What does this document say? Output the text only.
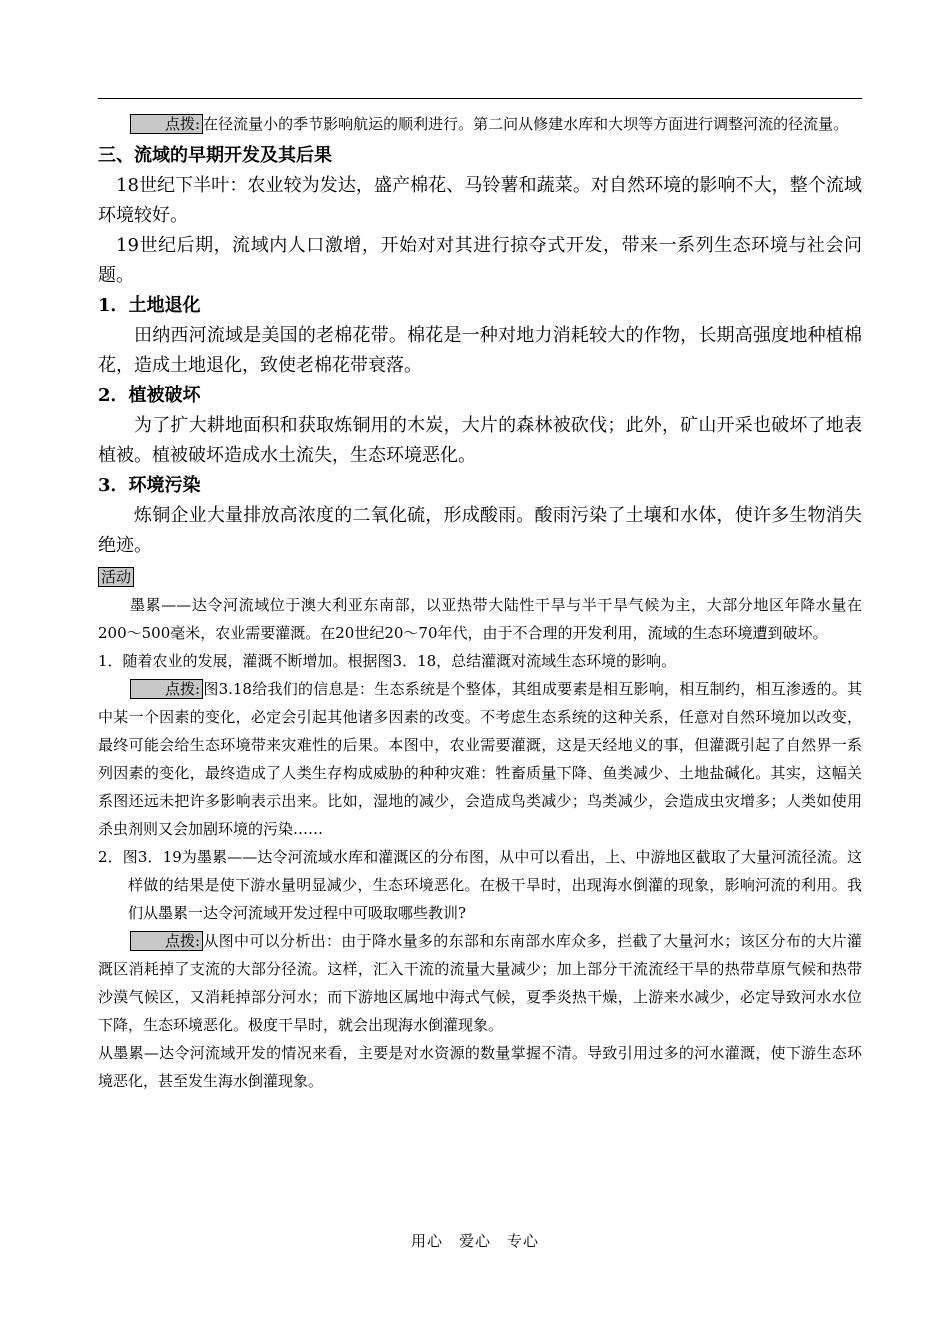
点拨: 在径流量小的季节影响航运的顺利进行。第二问从修建水库和大坝等方面进行调整河流的径流量。

三、流域的早期开发及其后果

18世纪下半叶：农业较为发达，盛产棉花、马铃薯和蔬菜。对自然环境的影响不大，整个流域环境较好。

19世纪后期，流域内人口激增，开始对对其进行掠夺式开发，带来一系列生态环境与社会问题。

1．土地退化

田纳西河流域是美国的老棉花带。棉花是一种对地力消耗较大的作物，长期高强度地种植棉花，造成土地退化，致使老棉花带衰落。

2．植被破坏

为了扩大耕地面积和获取炼铜用的木炭，大片的森林被砍伐；此外，矿山开采也破坏了地表植被。植被破坏造成水土流失，生态环境恶化。

3．环境污染

炼铜企业大量排放高浓度的二氧化硫，形成酸雨。酸雨污染了土壤和水体，使许多生物消失绝迹。

活动

墨累——达令河流域位于澳大利亚东南部，以亚热带大陆性干旱与半干旱气候为主，大部分地区年降水量在200～500毫米，农业需要灌溉。在20世纪20～70年代，由于不合理的开发利用，流域的生态环境遭到破坏。

1．随着农业的发展，灌溉不断增加。根据图3．18，总结灌溉对流域生态环境的影响。

点拨: 图3.18给我们的信息是：生态系统是个整体，其组成要素是相互影响，相互制约，相互渗透的。其中某一个因素的变化，必定会引起其他诸多因素的改变。不考虑生态系统的这种关系，任意对自然环境加以改变，最终可能会给生态环境带来灾难性的后果。本图中，农业需要灌溉，这是天经地义的事，但灌溉引起了自然界一系列因素的变化，最终造成了人类生存构成威胁的种种灾难：牲畜质量下降、鱼类减少、土地盐碱化。其实，这幅关系图还远未把许多影响表示出来。比如，湿地的减少，会造成鸟类减少；鸟类减少，会造成虫灾增多；人类如使用杀虫剂则又会加剧环境的污染……

2．图3．19为墨累——达令河流域水库和灌溉区的分布图，从中可以看出，上、中游地区截取了大量河流径流。这样做的结果是使下游水量明显减少，生态环境恶化。在极干旱时，出现海水倒灌的现象，影响河流的利用。我们从墨累一达令河流域开发过程中可吸取哪些教训?

点拨: 从图中可以分析出：由于降水量多的东部和东南部水库众多，拦截了大量河水；该区分布的大片灌溉区消耗掉了支流的大部分径流。这样，汇入干流的流量大量减少；加上部分干流流经干旱的热带草原气候和热带沙漠气候区，又消耗掉部分河水；而下游地区属地中海式气候，夏季炎热干燥，上游来水减少，必定导致河水水位下降，生态环境恶化。极度干旱时，就会出现海水倒灌现象。

从墨累—达令河流域开发的情况来看，主要是对水资源的数量掌握不清。导致引用过多的河水灌溉，使下游生态环境恶化，甚至发生海水倒灌现象。

用心 爱心 专心
